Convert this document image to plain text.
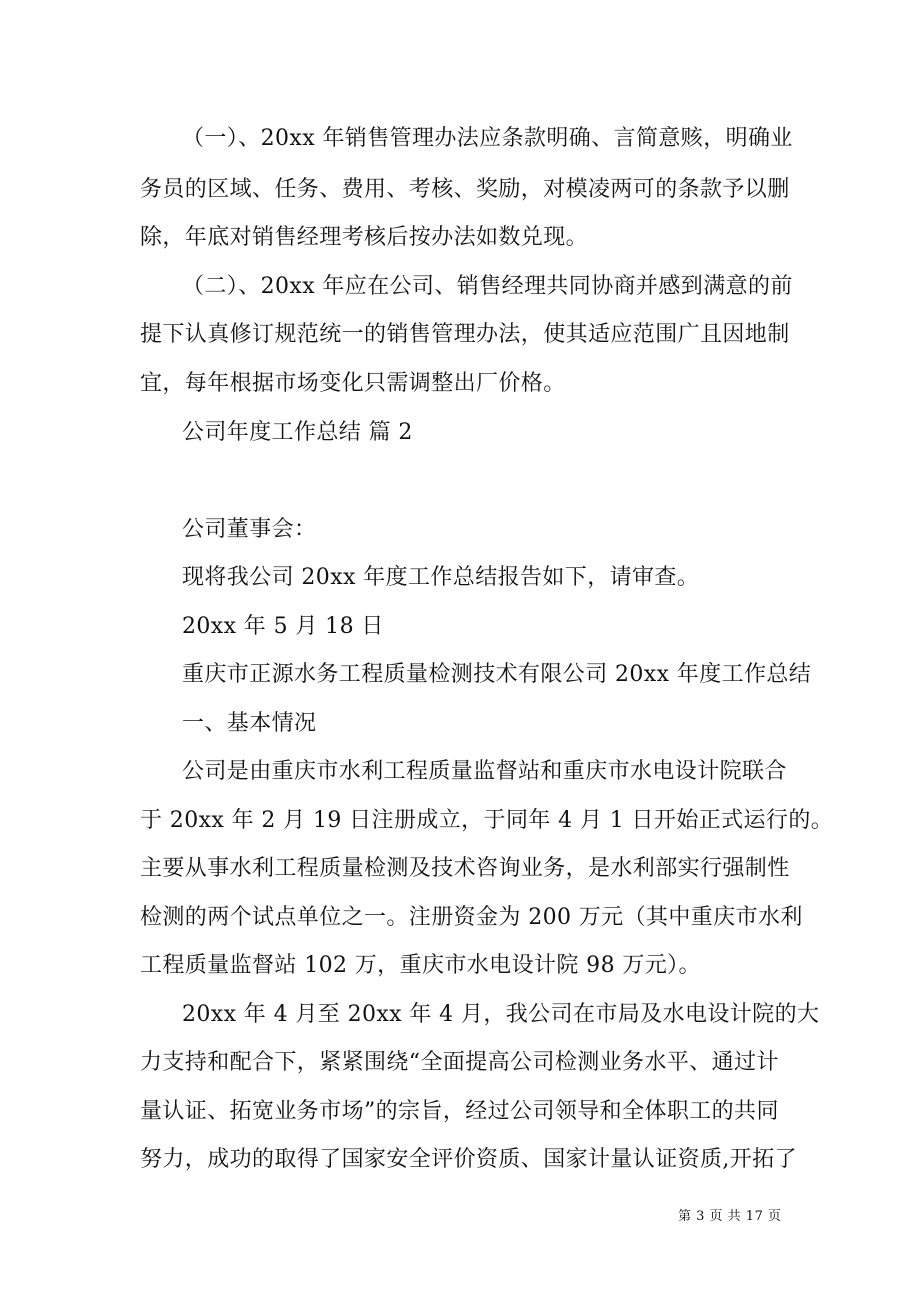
（一）、20xx 年销售管理办法应条款明确、言简意赅，明确业
务员的区域、任务、费用、考核、奖励，对模凌两可的条款予以删
除，年底对销售经理考核后按办法如数兑现。
（二）、20xx 年应在公司、销售经理共同协商并感到满意的前
提下认真修订规范统一的销售管理办法，使其适应范围广且因地制
宜，每年根据市场变化只需调整出厂价格。
公司年度工作总结 篇 2
公司董事会：
现将我公司 20xx 年度工作总结报告如下，请审查。
20xx 年 5 月 18 日
重庆市正源水务工程质量检测技术有限公司 20xx 年度工作总结
一、基本情况
公司是由重庆市水利工程质量监督站和重庆市水电设计院联合
于 20xx 年 2 月 19 日注册成立，于同年 4 月 1 日开始正式运行的。
主要从事水利工程质量检测及技术咨询业务，是水利部实行强制性
检测的两个试点单位之一。注册资金为 200 万元（其中重庆市水利
工程质量监督站 102 万，重庆市水电设计院 98 万元）。
20xx 年 4 月至 20xx 年 4 月，我公司在市局及水电设计院的大
力支持和配合下，紧紧围绕“全面提高公司检测业务水平、通过计
量认证、拓宽业务市场”的宗旨，经过公司领导和全体职工的共同
努力，成功的取得了国家安全评价资质、国家计量认证资质,开拓了
第 3 页 共 17 页
